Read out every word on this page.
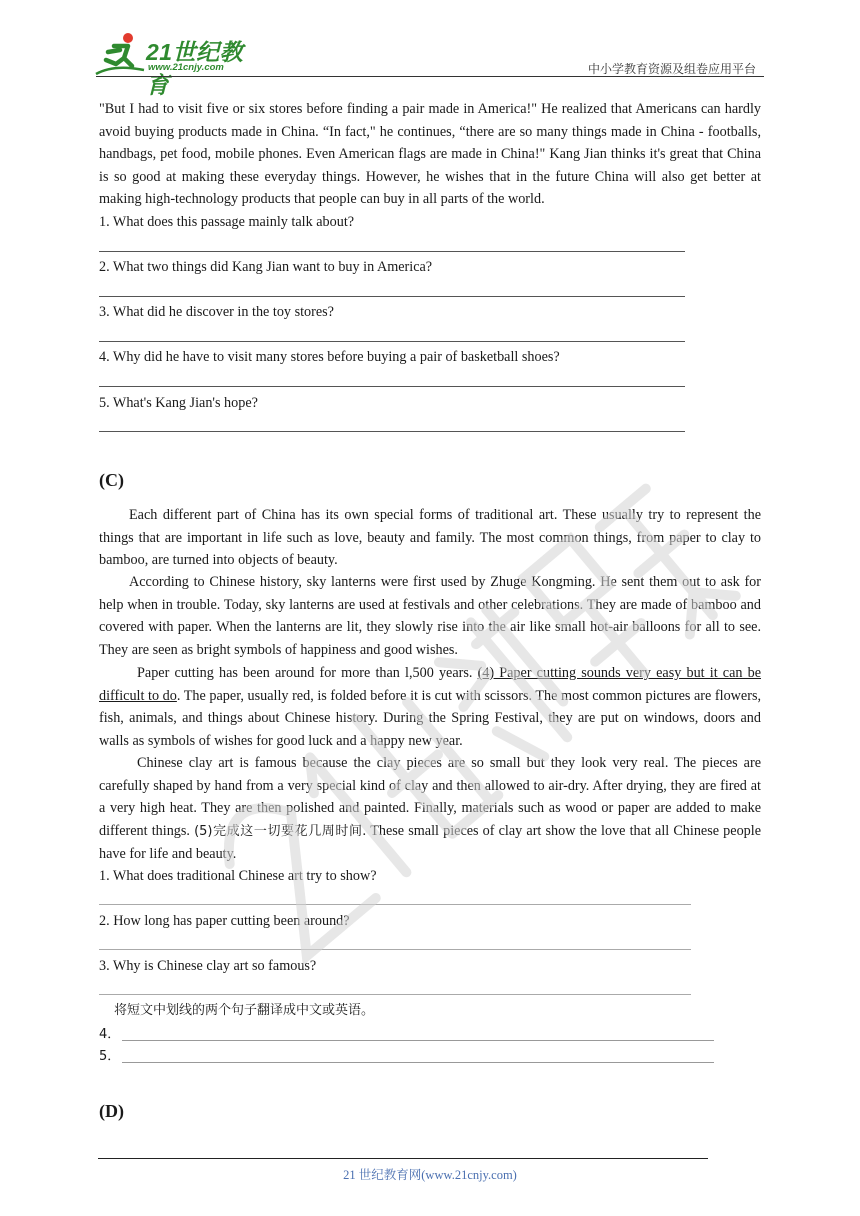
21世纪教育
www.21cnjy.com	中小学教育资源及组卷应用平台
"But I had to visit five or six stores before finding a pair made in America!" He realized that Americans can hardly avoid buying products made in China. “In fact," he continues, “there are so many things made in China - footballs, handbags, pet food, mobile phones. Even American flags are made in China!" Kang Jian thinks it's great that China is so good at making these everyday things. However, he wishes that in the future China will also get better at making high-technology products that people can buy in all parts of the world.
1. What does this passage mainly talk about?
2. What two things did Kang Jian want to buy in America?
3. What did he discover in the toy stores?
4. Why did he have to visit many stores before buying a pair of basketball shoes?
5. What's Kang Jian's hope?
(C)
Each different part of China has its own special forms of traditional art. These usually try to represent the things that are important in life such as love, beauty and family. The most common things, from paper to clay to bamboo, are turned into objects of beauty.
According to Chinese history, sky lanterns were first used by Zhuge Kongming. He sent them out to ask for help when in trouble. Today, sky lanterns are used at festivals and other celebrations. They are made of bamboo and covered with paper. When the lanterns are lit, they slowly rise into the air like small hot-air balloons for all to see. They are seen as bright symbols of happiness and good wishes.
Paper cutting has been around for more than l,500 years. (4) Paper cutting sounds very easy but it can be difficult to do. The paper, usually red, is folded before it is cut with scissors. The most common pictures are flowers, fish, animals, and things about Chinese history. During the Spring Festival, they are put on windows, doors and walls as symbols of wishes for good luck and a happy new year.
Chinese clay art is famous because the clay pieces are so small but they look very real. The pieces are carefully shaped by hand from a very special kind of clay and then allowed to air-dry. After drying, they are fired at a very high heat. They are then polished and painted. Finally, materials such as wood or paper are added to make different things. (5)完成这一切要花几周时间. These small pieces of clay art show the love that all Chinese people have for life and beauty.
1. What does traditional Chinese art try to show?
2. How long has paper cutting been around?
3. Why is Chinese clay art so famous?
将短文中划线的两个句子翻译成中文或英语。
4．
5．
(D)
21 世纪教育网(www.21cnjy.com)
